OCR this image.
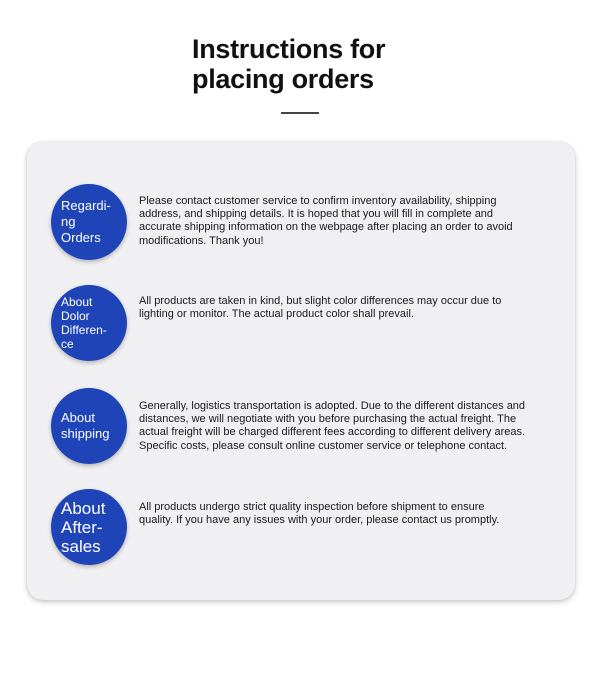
Instructions for
placing orders
Regardi-
ng
Orders
Please contact customer service to confirm inventory availability, shipping
address, and shipping details. It is hoped that you will fill in complete and
accurate shipping information on the webpage after placing an order to avoid
modifications. Thank you!
About
Dolor
Differen-
ce
All products are taken in kind, but slight color differences may occur due to
lighting or monitor. The actual product color shall prevail.
About
shipping
Generally, logistics transportation is adopted. Due to the different distances and
distances, we will negotiate with you before purchasing the actual freight. The
actual freight will be charged different fees according to different delivery areas.
Specific costs, please consult online customer service or telephone contact.
About
After-
sales
All products undergo strict quality inspection before shipment to ensure
quality. If you have any issues with your order, please contact us promptly.
